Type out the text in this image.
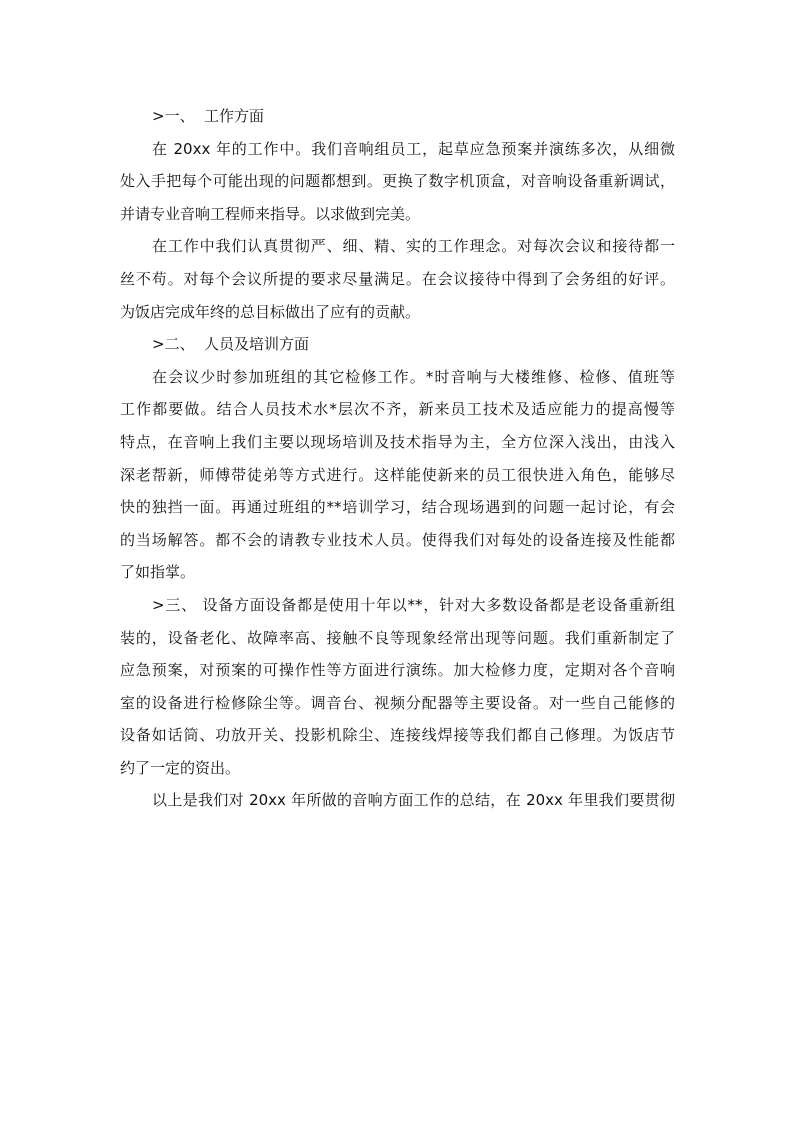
>一、 工作方面
在 20xx 年的工作中。我们音响组员工，起草应急预案并演练多次，从细微
处入手把每个可能出现的问题都想到。更换了数字机顶盒，对音响设备重新调试，
并请专业音响工程师来指导。以求做到完美。
在工作中我们认真贯彻严、细、精、实的工作理念。对每次会议和接待都一
丝不苟。对每个会议所提的要求尽量满足。在会议接待中得到了会务组的好评。
为饭店完成年终的总目标做出了应有的贡献。
>二、 人员及培训方面
在会议少时参加班组的其它检修工作。*时音响与大楼维修、检修、值班等
工作都要做。结合人员技术水*层次不齐，新来员工技术及适应能力的提高慢等
特点，在音响上我们主要以现场培训及技术指导为主，全方位深入浅出，由浅入
深老帮新，师傅带徒弟等方式进行。这样能使新来的员工很快进入角色，能够尽
快的独挡一面。再通过班组的**培训学习，结合现场遇到的问题一起讨论，有会
的当场解答。都不会的请教专业技术人员。使得我们对每处的设备连接及性能都
了如指掌。
>三、 设备方面设备都是使用十年以**，针对大多数设备都是老设备重新组
装的，设备老化、故障率高、接触不良等现象经常出现等问题。我们重新制定了
应急预案，对预案的可操作性等方面进行演练。加大检修力度，定期对各个音响
室的设备进行检修除尘等。调音台、视频分配器等主要设备。对一些自己能修的
设备如话筒、功放开关、投影机除尘、连接线焊接等我们都自己修理。为饭店节
约了一定的资出。
以上是我们对 20xx 年所做的音响方面工作的总结，在 20xx 年里我们要贯彻
